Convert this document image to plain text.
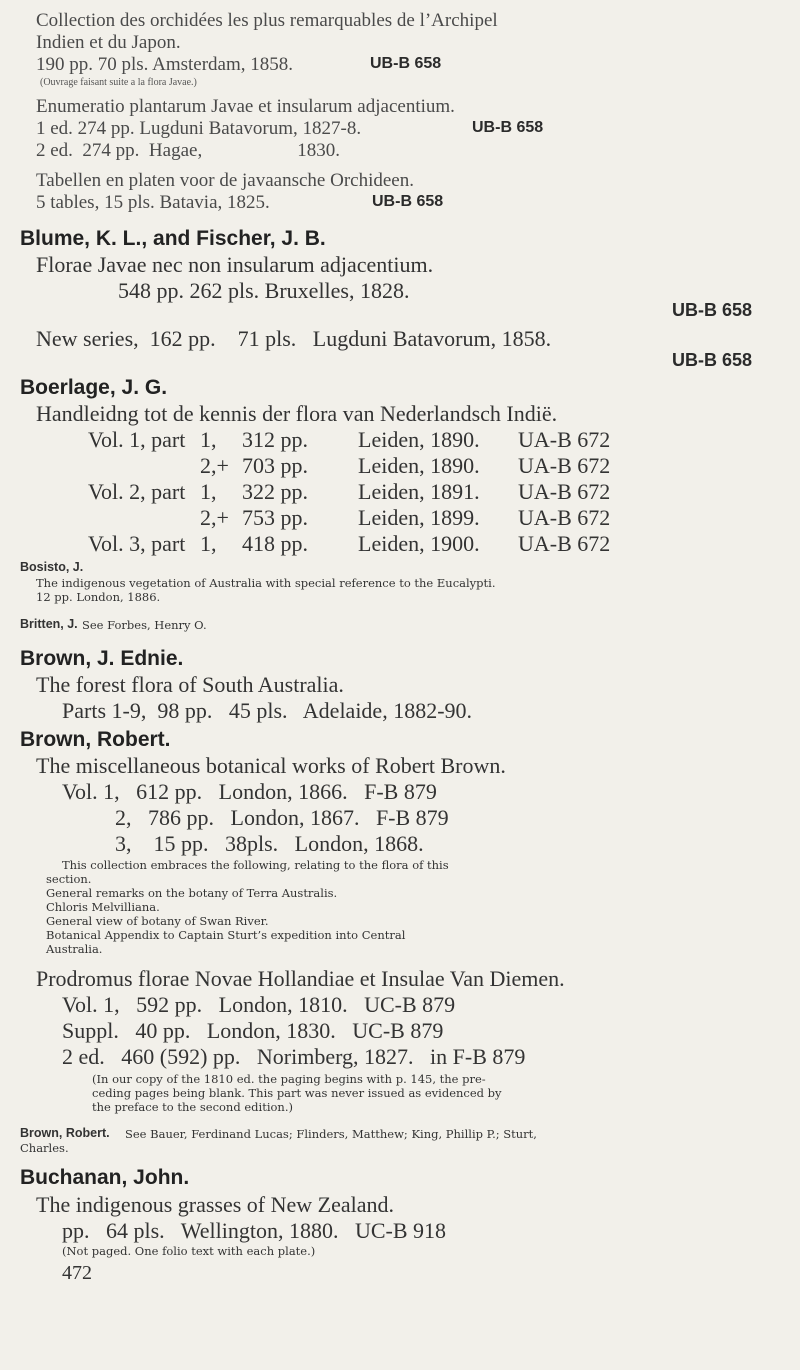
Collection des orchidées les plus remarquables de l’Archipel
Indien et du Japon.
190 pp. 70 pls. Amsterdam, 1858.	UB-B 658
(Ouvrage faisant suite a la flora Javae.)
Enumeratio plantarum Javae et insularum adjacentium.
1 ed. 274 pp. Lugduni Batavorum, 1827-8.	UB-B 658
2 ed.  274 pp.  Hagae,                    1830.
Tabellen en platen voor de javaansche Orchideen.
5 tables, 15 pls. Batavia, 1825.	UB-B 658
Blume, K. L., and Fischer, J. B.
Florae Javae nec non insularum adjacentium.
548 pp. 262 pls. Bruxelles, 1828.
UB-B 658
New series,  162 pp.    71 pls.   Lugduni Batavorum, 1858.
UB-B 658
Boerlage, J. G.
Handleidng tot de kennis der flora van Nederlandsch Indië.
Vol. 1, part 1,	312 pp.	Leiden, 1890.	UA-B 672
2,+ 703 pp.	Leiden, 1890.	UA-B 672
Vol. 2, part 1,	322 pp.	Leiden, 1891.	UA-B 672
2,+ 753 pp.	Leiden, 1899.	UA-B 672
Vol. 3, part 1,	418 pp.	Leiden, 1900.	UA-B 672
Bosisto, J.
The indigenous vegetation of Australia with special reference to the Eucalypti.
12 pp. London, 1886.
Britten, J. See Forbes, Henry O.
Brown, J. Ednie.
The forest flora of South Australia.
Parts 1-9,  98 pp.   45 pls.   Adelaide, 1882-90.
Brown, Robert.
The miscellaneous botanical works of Robert Brown.
Vol. 1,   612 pp.   London, 1866.   F-B 879
2,   786 pp.   London, 1867.   F-B 879
3,    15 pp.   38pls.   London, 1868.
This collection embraces the following, relating to the flora of this
section.
General remarks on the botany of Terra Australis.
Chloris Melvilliana.
General view of botany of Swan River.
Botanical Appendix to Captain Sturt’s expedition into Central
Australia.
Prodromus florae Novae Hollandiae et Insulae Van Diemen.
Vol. 1,   592 pp.   London, 1810.   UC-B 879
Suppl.   40 pp.   London, 1830.   UC-B 879
2 ed.   460 (592) pp.   Norimberg, 1827.   in F-B 879
(In our copy of the 1810 ed. the paging begins with p. 145, the pre-
ceding pages being blank. This part was never issued as evidenced by
the preface to the second edition.)
Brown, Robert. See Bauer, Ferdinand Lucas; Flinders, Matthew; King, Phillip P.; Sturt,
Charles.
Buchanan, John.
The indigenous grasses of New Zealand.
pp.   64 pls.   Wellington, 1880.   UC-B 918
(Not paged. One folio text with each plate.)
472
